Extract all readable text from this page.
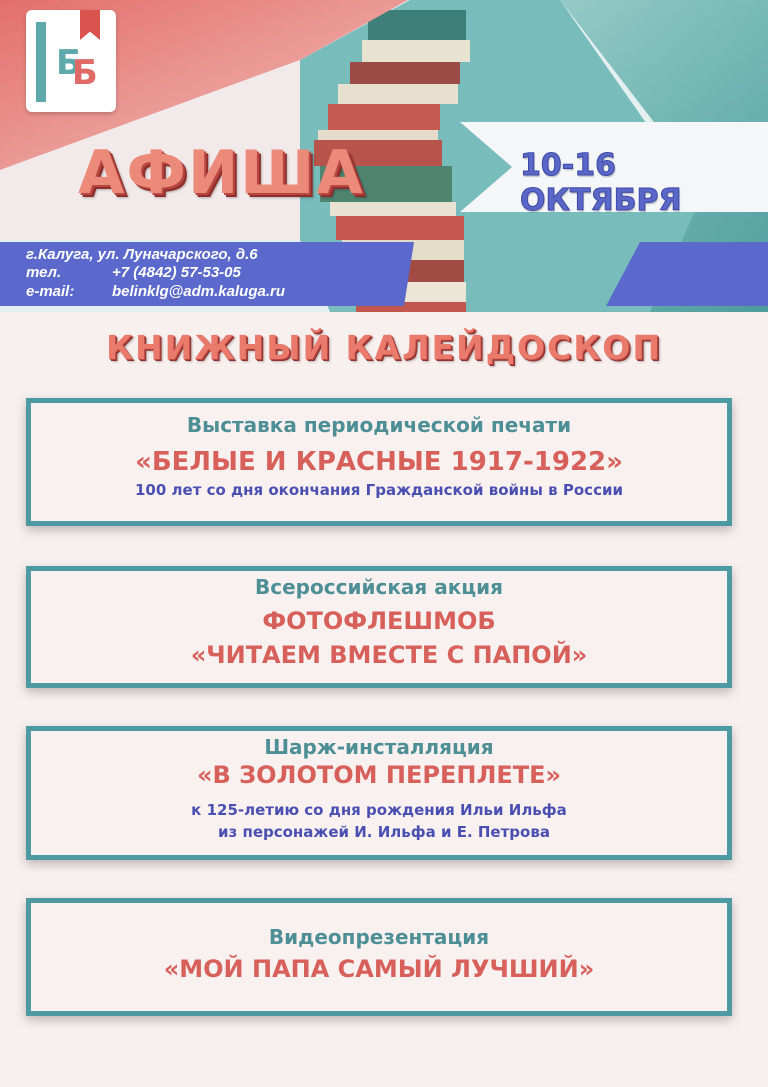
ББ
АФИША	10-16 ОКТЯБРЯ
г.Калуга, ул. Луначарского, д.6
тел.	+7 (4842) 57-53-05
e-mail:	belinklg@adm.kaluga.ru
КНИЖНЫЙ КАЛЕЙДОСКОП
Выставка периодической печати
«БЕЛЫЕ И КРАСНЫЕ 1917-1922»
100 лет со дня окончания Гражданской войны в России
Всероссийская акция
ФОТОФЛЕШМОБ
«ЧИТАЕМ ВМЕСТЕ С ПАПОЙ»
Шарж-инсталляция
«В ЗОЛОТОМ ПЕРЕПЛЕТЕ»
к 125-летию со дня рождения Ильи Ильфа
из персонажей И. Ильфа и Е. Петрова
Видеопрезентация
«МОЙ ПАПА САМЫЙ ЛУЧШИЙ»
